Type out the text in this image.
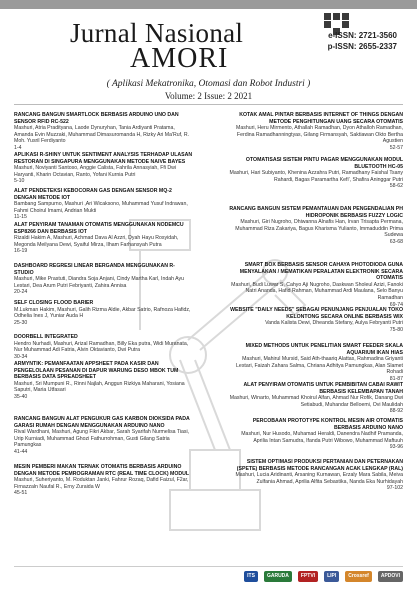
Jurnal Nasional
AMORI
e-ISSN: 2721-3560
p-ISSN: 2655-2337
( Aplikasi Mekatronika, Otomasi dan Robot Industri )
Volume: 2 Issue: 2 2021
RANCANG BANGUN SMARTLOCK BERBASIS ARDUINO UNO DAN SENSOR RFID RC-522
Mashuri, Atria Pradityana, Laode Dynuryhan, Tania Ardiyanti Pratama, Amanda Evin Muzzaki, Muhammad Dimasuromanda H, Rizky Ari Ma'Ruf, R. Moh. Yusril Ferdiyanto
1-4
APLIKASI R-SHINY UNTUK SENTIMENT ANALYSIS TERHADAP ULASAN RESTORAN DI SINGAPURA MENGGUNAKAN METODE NAIVE BAYES
Mashuri, Noviyanti Santoso, Anggie Calista, Fahrila Annasyiah, Ffi Dwi Haryanti, Kharin Octavian, Ranto, Yofani Kurnia Putri
5-10
ALAT PENDETEKSI KEBOCORAN GAS DENGAN SENSOR MQ-2 DENGAN METODE IOT
Bambang Sampurno, Mashuri ,Ari Wicaksono, Muhammad Yusuf Indrawan, Fahmi Choirul Imami, Andrian Mukti
11-15
ALAT PENYIRAM TANAMAN OTOMATIS MENGGUNAKAN NODEMCU ESP8266 DAN BERBASIS IOT
Rizaldi Hakim A, Mashuri, Achmad Dava Al Azzri, Dyah Hayu Rosyidah, Megonda Meilyana Dewi, Syaiful Mirza, Ilham Farhansyah Putra
16-19
DASHBOARD REGRESI LINEAR BERGANDA MENGGUNAKAN R-STUDIO
Mashuri, Mike Prastuti, Diandra Soja Anjani, Cindy Martha Karl, Indah Ayu Lestari, Dea Arum Putri Febriyanti, Zahira Annisa
20-24
SELF CLOSING FLOOD BARIER
M.Lukman Hakim, Mashuri, Galih Rizma Aldie, Akbar Satrio, Rafnoza Hafidz, Odhelia Ines J, Yuniar Auda H
25-30
DOORBELL INTEGRATED
Hendro Nurhadi, Mashuri, Arizal Ramadhan, Billy Eka putra, Widi Muranata, Nur Muhammad Adi Fatria, Alvin Oktavianto, Dwi Putra
30-34
ARMYNTIK: PEMANFAATAN APPSHEET PADA KASIR DAN PENGELOLAAN PESANAN DI DAPUR WARUNG DESO MBOK TUM BERBASIS DATA SPREADSHEET
Mashuri, Sri Mumpuni R., Rinni Najlah, Anggun Rizkiya Maharani, Yosiana Saputri, Maria Utfasari
35-40
RANCANG BANGUN ALAT PENGUKUR GAS KARBON DIOKSIDA PADA GARASI RUMAH DENGAN MENGGUNAKAN ARDUINO NANO
Rival Wardhani, Mashuri, Agung Fikri Akbar, Sarah Syarifah Nurmelisa Tiasi, Urip Kurniadi, Muhammad Ghozi Fathurrohman, Gusti Gilang Satria Pamungkas
41-44
MESIN PEMBERI MAKAN TERNAK OTOMATIS BERBASIS ARDUINO DENGAN METODE PEMROGRAMAN RTC (REAL TIME CLOCK) MODUL
Mashuri, Suheriyanto, M. Roduktan Janki, Fahrur Rozaq, Dafid Faizul, F2ar, Firnazzaln Naufal R., Erny Zuraida W
45-51
KOTAK AMAL PINTAR BERBASIS INTERNET OF THINGS DENGAN METODE PENGHITUNGAN UANG SECARA OTOMATIS
Mashuri, Heru Mirmento, Athallah Ramadhan, Dyon Athalloh Ramadhan, Ferdina Ramadhanningtyas, Gilang Firmansyah, Saktiawan Okto Bertha Agustien
52-57
OTOMATISASI SISTEM PINTU PAGAR MENGGUNAKAN MODUL BLUETOOTH HC-05
Mashuri, Hari Subiyanto, Khenina Azzahra Putri, Ramadhany Faishal Tsany Rahardi, Bagas Paramartha Kefi', Shafira Aninggar Putri
58-62
RANCANG BANGUN SISTEM PEMANTAUAN DAN PENGENDALIAN PH HIDROPONIK BERBASIS FUZZY LOGIC
Mashuri, Giri Nugroho, Dhiwanna Alnafis Han, Irvan Trisapta Permana, Muhammad Riza Zakariya, Bagus Kharisma Yulianto, Immaduddin Prima Sudewa
63-68
SMART BOX BERBASIS SENSOR CAHAYA PHOTODIODA GUNA MENYALAKAN / MEMATIKAN PERALATAN ELEKTRONIK SECARA OTOMATIS
Mashuri, Budi Luwar S, Cahyo Aji Nugroho, Daskwan Sholeul Azizi, Fanoki Natri Ananda, Hafid Rahman, Muhammad Ardi Maulana, Selo Banyu Ramadhan
69-74
WEBSITE "DAILY NEEDS" SEBAGAI PENUNJANG PENJUALAN TOKO KELONTONG SECARA ONLINE BERBASIS WIX
Vanda Kalista Dewi, Dheanda Stefany, Aulya Febryanti Putri
75-80
MIXED METHODS UNTUK PENELITIAN SMART FEEDER SKALA AQUARIUM IKAN HIAS
Mashuri, Mahirul Mursid, Said Ath-thaariq Alattas, Rahmadina Griyanti Lestari, Faizah Zahara Salma, Chriana Adhitya Pamungkas, Alan Slamet Rohadi
81-87
ALAT PENYIRAM OTOMATIS UNTUK PEMBIBITAN CABAI RAWIT BERBASIS KELEMBAPAN TANAH
Mashuri, Winarto, Muhammad Khoirul Alfan, Ahmad Nur Rofik, Danang Dwi Setiabudi, Muhandar Belloemi, Ovi Maulidah
88-92
PERCOBAAN PROTOTYPE KONTROL MESIN AIR OTOMATIS BERBASIS ARDUINO NANO
Mashuri, Nur Husodo, Muhamad Heraldi, Danendra Nadhif Pramanda, Aprilia Intan Samudra, Ifanda Putri Wibowo, Muhammad Maftuuh
93-96
SISTEM OPTIMASI PRODUKSI PERTANIAN DAN PETERNAKAN (SPETE) BERBASIS METODE RANCANGAN ACAK LENGKAP (RAL)
Mashuri, Lucia Aridinanti, Arsaning Kurnawan, Erzaly Mara Sabila, Meiva Zulfania Ahmad, Aprilia Alfita Sebastika, Nanda Eka Nurhidayah
97-102
ITS	GARUDA	FPTVI	LIPI	Crossref	APDOVI
